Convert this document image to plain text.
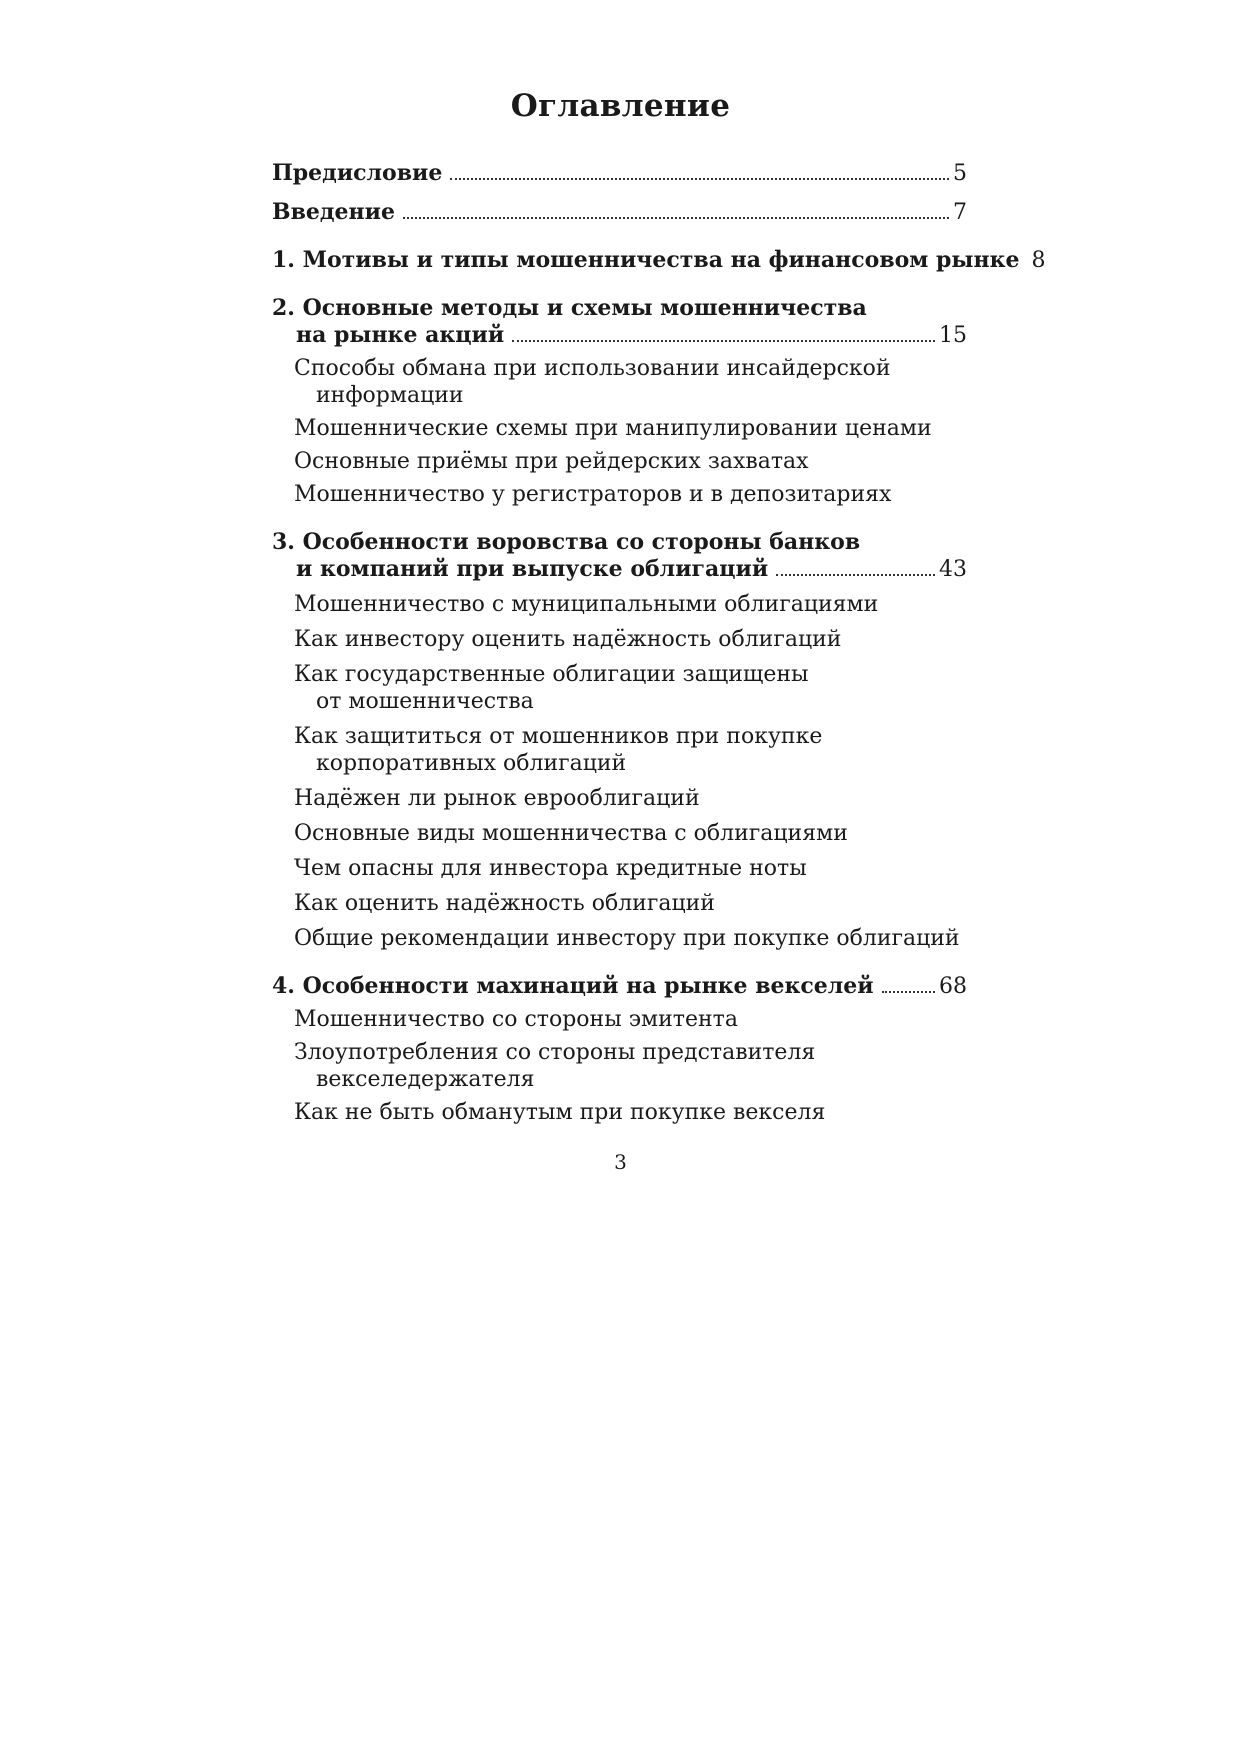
Оглавление
Предисловие	5
Введение	7
1. Мотивы и типы мошенничества на финансовом рынке 8
2. Основные методы и схемы мошенничества
на рынке акций	15
Способы обмана при использовании инсайдерской
информации
Мошеннические схемы при манипулировании ценами
Основные приёмы при рейдерских захватах
Мошенничество у регистраторов и в депозитариях
3. Особенности воровства со стороны банков
и компаний при выпуске облигаций	43
Мошенничество с муниципальными облигациями
Как инвестору оценить надёжность облигаций
Как государственные облигации защищены
от мошенничества
Как защититься от мошенников при покупке
корпоративных облигаций
Надёжен ли рынок еврооблигаций
Основные виды мошенничества с облигациями
Чем опасны для инвестора кредитные ноты
Как оценить надёжность облигаций
Общие рекомендации инвестору при покупке облигаций
4. Особенности махинаций на рынке векселей	68
Мошенничество со стороны эмитента
Злоупотребления со стороны представителя
векселедержателя
Как не быть обманутым при покупке векселя
3
